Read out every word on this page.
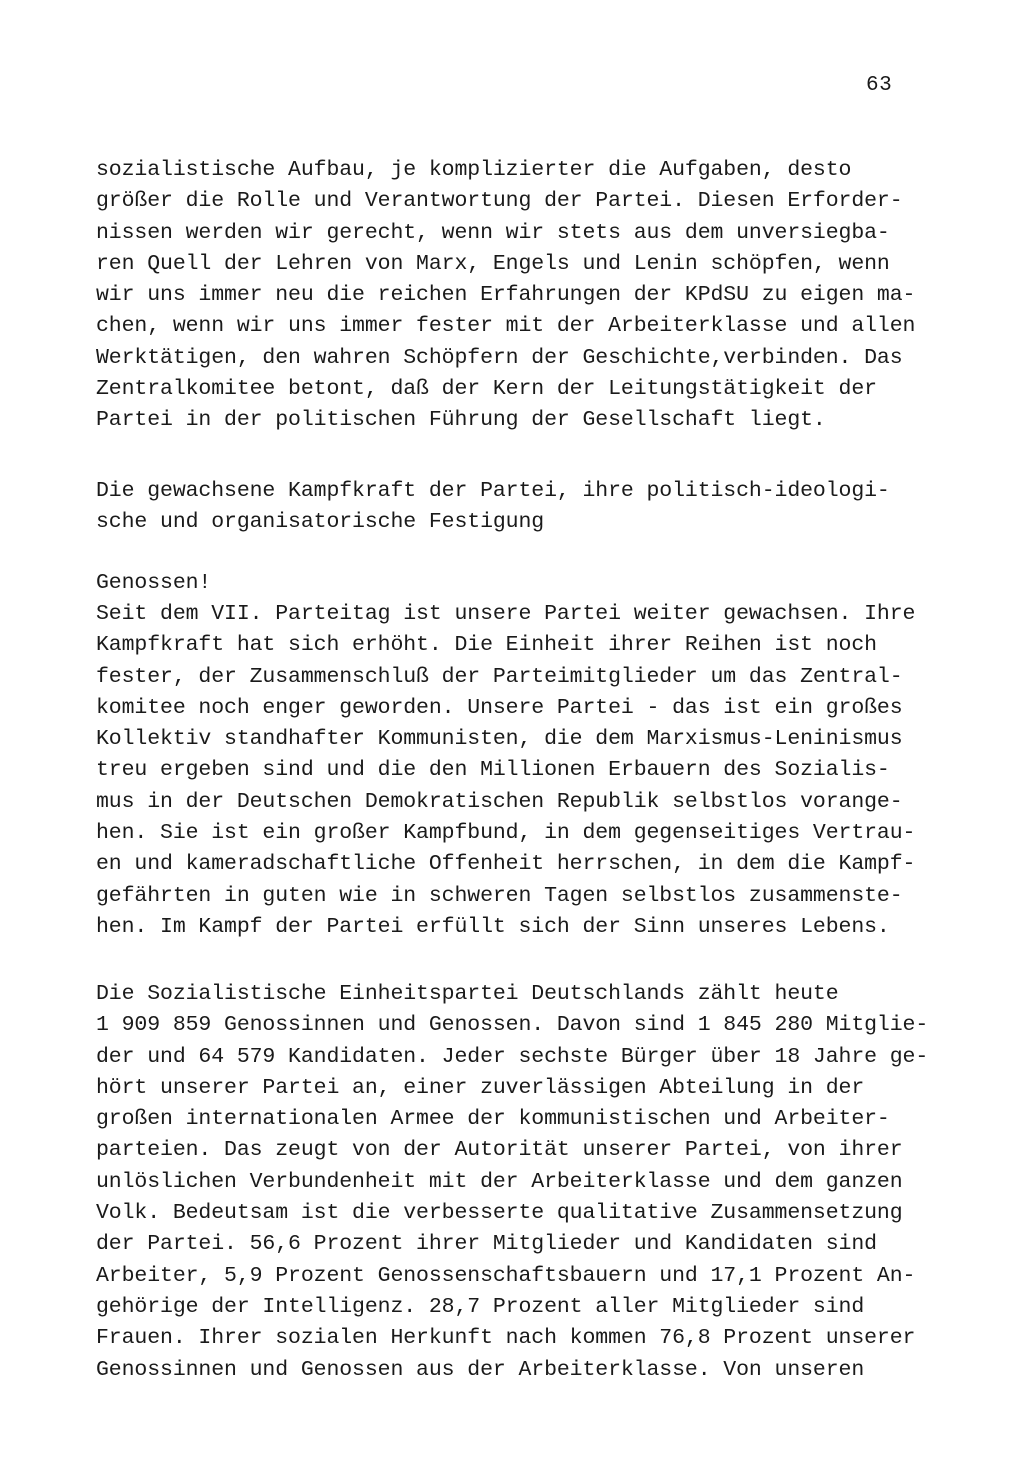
63
sozialistische Aufbau, je komplizierter die Aufgaben, desto
größer die Rolle und Verantwortung der Partei. Diesen Erforder-
nissen werden wir gerecht, wenn wir stets aus dem unversiegba-
ren Quell der Lehren von Marx, Engels und Lenin schöpfen, wenn
wir uns immer neu die reichen Erfahrungen der KPdSU zu eigen ma-
chen, wenn wir uns immer fester mit der Arbeiterklasse und allen
Werktätigen, den wahren Schöpfern der Geschichte,verbinden. Das
Zentralkomitee betont, daß der Kern der Leitungstätigkeit der
Partei in der politischen Führung der Gesellschaft liegt.
Die gewachsene Kampfkraft der Partei, ihre politisch-ideologi-
sche und organisatorische Festigung
Genossen!
Seit dem VII. Parteitag ist unsere Partei weiter gewachsen. Ihre
Kampfkraft hat sich erhöht. Die Einheit ihrer Reihen ist noch
fester, der Zusammenschluß der Parteimitglieder um das Zentral-
komitee noch enger geworden. Unsere Partei - das ist ein großes
Kollektiv standhafter Kommunisten, die dem Marxismus-Leninismus
treu ergeben sind und die den Millionen Erbauern des Sozialis-
mus in der Deutschen Demokratischen Republik selbstlos vorange-
hen. Sie ist ein großer Kampfbund, in dem gegenseitiges Vertrau-
en und kameradschaftliche Offenheit herrschen, in dem die Kampf-
gefährten in guten wie in schweren Tagen selbstlos zusammenste-
hen. Im Kampf der Partei erfüllt sich der Sinn unseres Lebens.
Die Sozialistische Einheitspartei Deutschlands zählt heute
1 909 859 Genossinnen und Genossen. Davon sind 1 845 280 Mitglie-
der und 64 579 Kandidaten. Jeder sechste Bürger über 18 Jahre ge-
hört unserer Partei an, einer zuverlässigen Abteilung in der
großen internationalen Armee der kommunistischen und Arbeiter-
parteien. Das zeugt von der Autorität unserer Partei, von ihrer
unlöslichen Verbundenheit mit der Arbeiterklasse und dem ganzen
Volk. Bedeutsam ist die verbesserte qualitative Zusammensetzung
der Partei. 56,6 Prozent ihrer Mitglieder und Kandidaten sind
Arbeiter, 5,9 Prozent Genossenschaftsbauern und 17,1 Prozent An-
gehörige der Intelligenz. 28,7 Prozent aller Mitglieder sind
Frauen. Ihrer sozialen Herkunft nach kommen 76,8 Prozent unserer
Genossinnen und Genossen aus der Arbeiterklasse. Von unseren
